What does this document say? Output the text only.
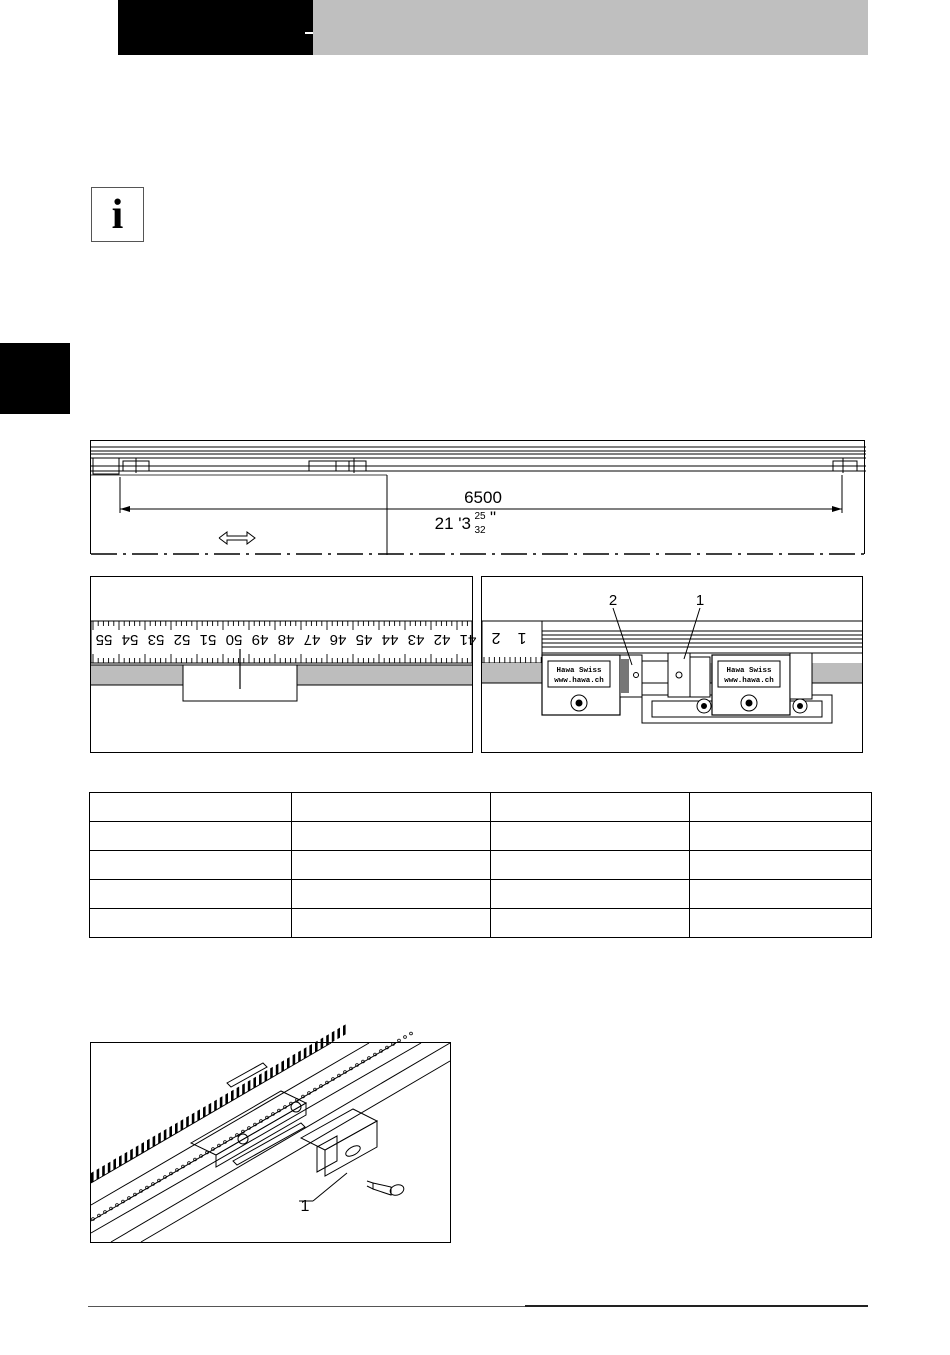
i
6500
21 '3 25
32
"
55 54 53 52 51 50 49 48 47 46 45 44 43 42 41	1
2
Hawa Swiss
www.hawa.ch
Hawa Swiss
www.hawa.ch
2	1

1
